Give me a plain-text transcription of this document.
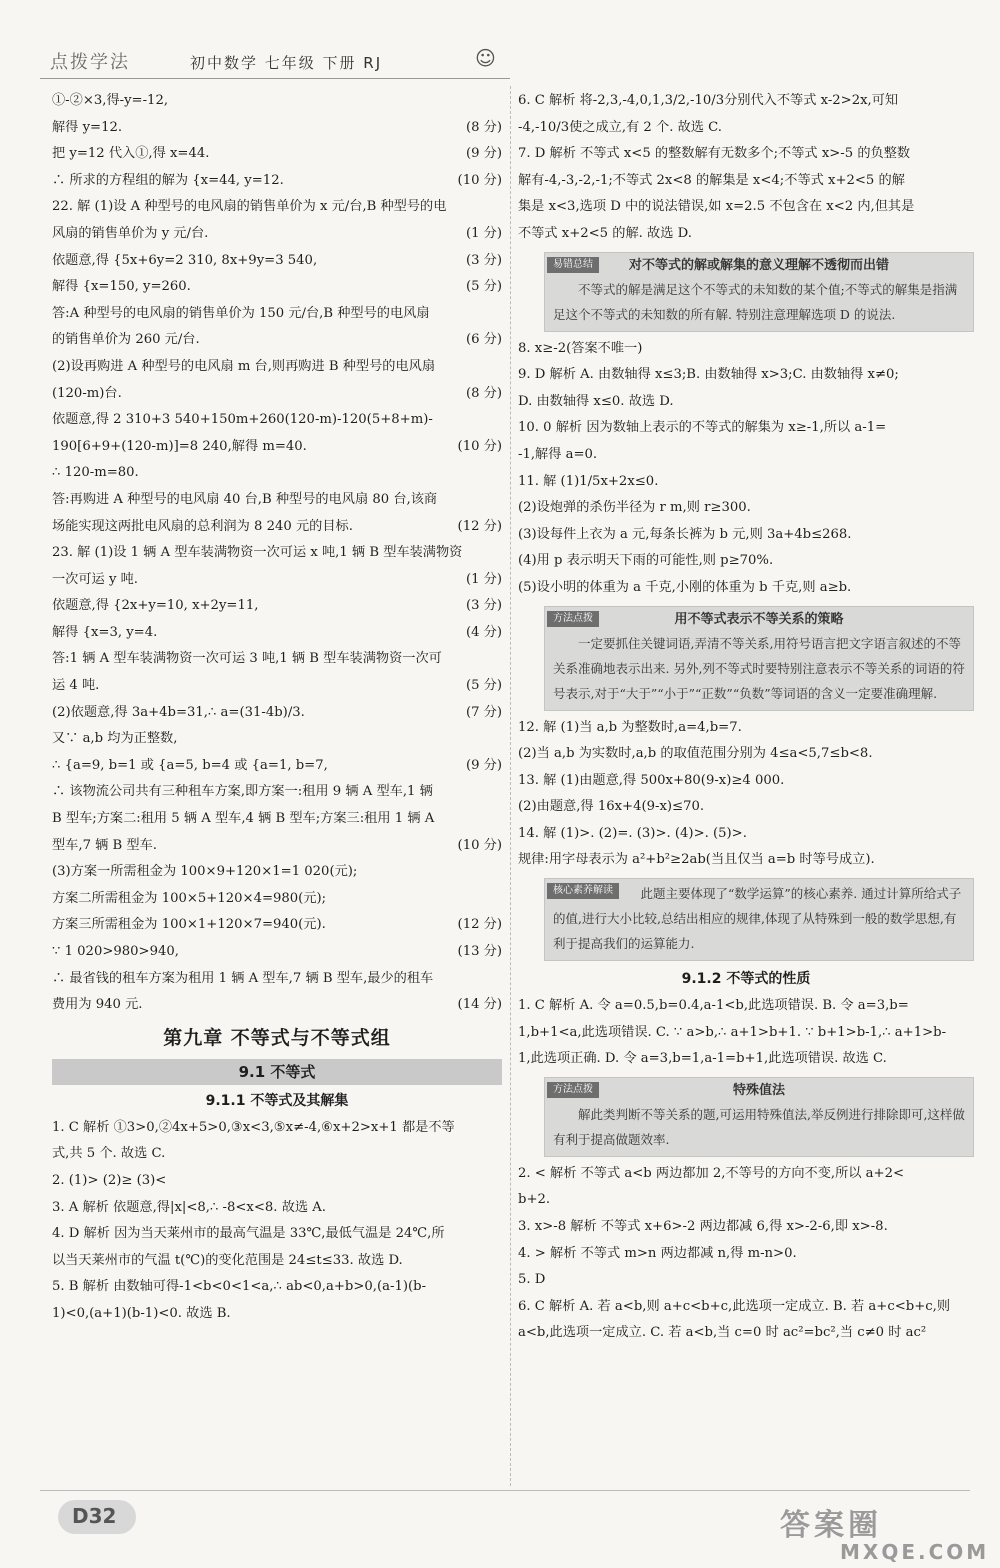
点拨学法	初中数学 七年级 下册 RJ	☺
①-②×3,得-y=-12,
解得 y=12.	(8 分)
把 y=12 代入①,得 x=44.	(9 分)
∴ 所求的方程组的解为 {x=44, y=12.	(10 分)
22. 解 (1)设 A 种型号的电风扇的销售单价为 x 元/台,B 种型号的电
风扇的销售单价为 y 元/台.	(1 分)
依题意,得 {5x+6y=2 310, 8x+9y=3 540,	(3 分)
解得 {x=150, y=260.	(5 分)
答:A 种型号的电风扇的销售单价为 150 元/台,B 种型号的电风扇
的销售单价为 260 元/台.	(6 分)
(2)设再购进 A 种型号的电风扇 m 台,则再购进 B 种型号的电风扇
(120-m)台.	(8 分)
依题意,得 2 310+3 540+150m+260(120-m)-120(5+8+m)-
190[6+9+(120-m)]=8 240,解得 m=40.	(10 分)
∴ 120-m=80.
答:再购进 A 种型号的电风扇 40 台,B 种型号的电风扇 80 台,该商
场能实现这两批电风扇的总利润为 8 240 元的目标.	(12 分)
23. 解 (1)设 1 辆 A 型车装满物资一次可运 x 吨,1 辆 B 型车装满物资
一次可运 y 吨.	(1 分)
依题意,得 {2x+y=10, x+2y=11,	(3 分)
解得 {x=3, y=4.	(4 分)
答:1 辆 A 型车装满物资一次可运 3 吨,1 辆 B 型车装满物资一次可
运 4 吨.	(5 分)
(2)依题意,得 3a+4b=31,∴ a=(31-4b)/3.	(7 分)
又∵ a,b 均为正整数,
∴ {a=9, b=1 或 {a=5, b=4 或 {a=1, b=7,	(9 分)
∴ 该物流公司共有三种租车方案,即方案一:租用 9 辆 A 型车,1 辆
B 型车;方案二:租用 5 辆 A 型车,4 辆 B 型车;方案三:租用 1 辆 A
型车,7 辆 B 型车.	(10 分)
(3)方案一所需租金为 100×9+120×1=1 020(元);
方案二所需租金为 100×5+120×4=980(元);
方案三所需租金为 100×1+120×7=940(元).	(12 分)
∵ 1 020>980>940,	(13 分)
∴ 最省钱的租车方案为租用 1 辆 A 型车,7 辆 B 型车,最少的租车
费用为 940 元.	(14 分)
第九章 不等式与不等式组
9.1 不等式
9.1.1 不等式及其解集
1. C 解析 ①3>0,②4x+5>0,③x<3,⑤x≠-4,⑥x+2>x+1 都是不等
式,共 5 个. 故选 C.
2. (1)> (2)≥ (3)<
3. A 解析 依题意,得|x|<8,∴ -8<x<8. 故选 A.
4. D 解析 因为当天莱州市的最高气温是 33℃,最低气温是 24℃,所
以当天莱州市的气温 t(℃)的变化范围是 24≤t≤33. 故选 D.
5. B 解析 由数轴可得-1<b<0<1<a,∴ ab<0,a+b>0,(a-1)(b-
1)<0,(a+1)(b-1)<0. 故选 B.
6. C 解析 将-2,3,-4,0,1,3/2,-10/3分别代入不等式 x-2>2x,可知
-4,-10/3使之成立,有 2 个. 故选 C.
7. D 解析 不等式 x<5 的整数解有无数多个;不等式 x>-5 的负整数
解有-4,-3,-2,-1;不等式 2x<8 的解集是 x<4;不等式 x+2<5 的解
集是 x<3,选项 D 中的说法错误,如 x=2.5 不包含在 x<2 内,但其是
不等式 x+2<5 的解. 故选 D.
易错总结	对不等式的解或解集的意义理解不透彻而出错
不等式的解是满足这个不等式的未知数的某个值;不等式的解集是指满足这个不等式的未知数的所有解. 特别注意理解选项 D 的说法.
8. x≥-2(答案不唯一)
9. D 解析 A. 由数轴得 x≤3;B. 由数轴得 x>3;C. 由数轴得 x≠0;
D. 由数轴得 x≤0. 故选 D.
10. 0 解析 因为数轴上表示的不等式的解集为 x≥-1,所以 a-1=
-1,解得 a=0.
11. 解 (1)1/5x+2x≤0.
(2)设炮弹的杀伤半径为 r m,则 r≥300.
(3)设每件上衣为 a 元,每条长裤为 b 元,则 3a+4b≤268.
(4)用 p 表示明天下雨的可能性,则 p≥70%.
(5)设小明的体重为 a 千克,小刚的体重为 b 千克,则 a≥b.
方法点拨	用不等式表示不等关系的策略
一定要抓住关键词语,弄清不等关系,用符号语言把文字语言叙述的不等关系准确地表示出来. 另外,列不等式时要特别注意表示不等关系的词语的符号表示,对于“大于”“小于”“正数”“负数”等词语的含义一定要准确理解.
12. 解 (1)当 a,b 为整数时,a=4,b=7.
(2)当 a,b 为实数时,a,b 的取值范围分别为 4≤a<5,7≤b<8.
13. 解 (1)由题意,得 500x+80(9-x)≥4 000.
(2)由题意,得 16x+4(9-x)≤70.
14. 解 (1)>. (2)=. (3)>. (4)>. (5)>.
规律:用字母表示为 a²+b²≥2ab(当且仅当 a=b 时等号成立).
核心素养解读	此题主要体现了“数学运算”的核心素养. 通过计算所给式子的值,进行大小比较,总结出相应的规律,体现了从特殊到一般的数学思想,有利于提高我们的运算能力.
9.1.2 不等式的性质
1. C 解析 A. 令 a=0.5,b=0.4,a-1<b,此选项错误. B. 令 a=3,b=
1,b+1<a,此选项错误. C. ∵ a>b,∴ a+1>b+1. ∵ b+1>b-1,∴ a+1>b-
1,此选项正确. D. 令 a=3,b=1,a-1=b+1,此选项错误. 故选 C.
方法点拨	特殊值法
解此类判断不等关系的题,可运用特殊值法,举反例进行排除即可,这样做有利于提高做题效率.
2. < 解析 不等式 a<b 两边都加 2,不等号的方向不变,所以 a+2<
b+2.
3. x>-8 解析 不等式 x+6>-2 两边都减 6,得 x>-2-6,即 x>-8.
4. > 解析 不等式 m>n 两边都减 n,得 m-n>0.
5. D
6. C 解析 A. 若 a<b,则 a+c<b+c,此选项一定成立. B. 若 a+c<b+c,则
a<b,此选项一定成立. C. 若 a<b,当 c=0 时 ac²=bc²,当 c≠0 时 ac²
D32	答案圈
MXQE.COM
